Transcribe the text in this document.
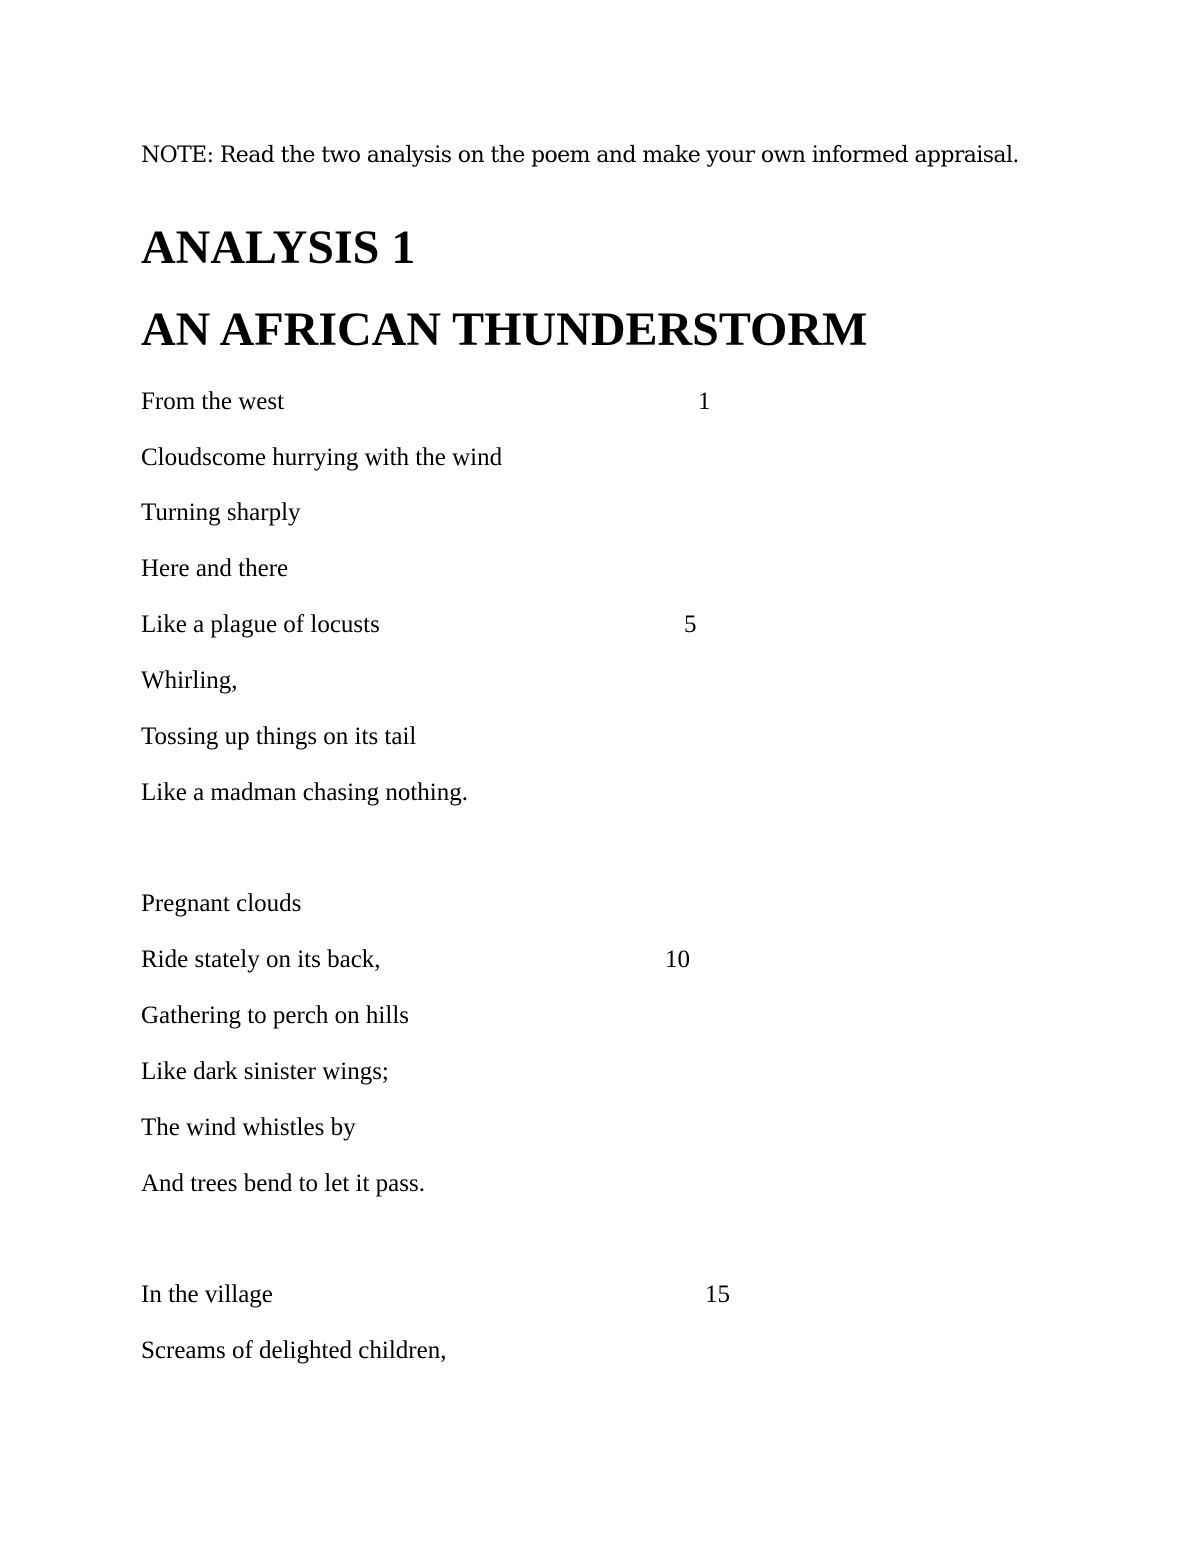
NOTE: Read the two analysis on the poem and make your own informed appraisal.
ANALYSIS 1
AN AFRICAN THUNDERSTORM
From the west	1
Cloudscome hurrying with the wind
Turning sharply
Here and there
Like a plague of locusts	5
Whirling,
Tossing up things on its tail
Like a madman chasing nothing.
Pregnant clouds
Ride stately on its back,	10
Gathering to perch on hills
Like dark sinister wings;
The wind whistles by
And trees bend to let it pass.
In the village	15
Screams of delighted children,
